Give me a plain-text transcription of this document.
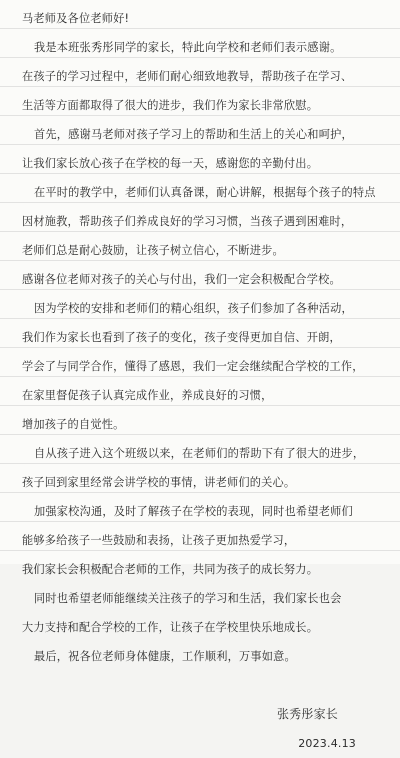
马老师及各位老师好!
我是本班张秀彤同学的家长，特此向学校和老师们表示感谢。
在孩子的学习过程中，老师们耐心细致地教导，帮助孩子在学习、
生活等方面都取得了很大的进步，我们作为家长非常欣慰。
首先，感谢马老师对孩子学习上的帮助和生活上的关心和呵护，
让我们家长放心孩子在学校的每一天，感谢您的辛勤付出。
在平时的教学中，老师们认真备课，耐心讲解，根据每个孩子的特点
因材施教，帮助孩子们养成良好的学习习惯，当孩子遇到困难时，
老师们总是耐心鼓励，让孩子树立信心，不断进步。
感谢各位老师对孩子的关心与付出，我们一定会积极配合学校。
因为学校的安排和老师们的精心组织，孩子们参加了各种活动，
我们作为家长也看到了孩子的变化，孩子变得更加自信、开朗，
学会了与同学合作，懂得了感恩，我们一定会继续配合学校的工作，
在家里督促孩子认真完成作业，养成良好的习惯，
增加孩子的自觉性。
自从孩子进入这个班级以来，在老师们的帮助下有了很大的进步，
孩子回到家里经常会讲学校的事情，讲老师们的关心。
加强家校沟通，及时了解孩子在学校的表现，同时也希望老师们
能够多给孩子一些鼓励和表扬，让孩子更加热爱学习，
我们家长会积极配合老师的工作，共同为孩子的成长努力。
同时也希望老师能继续关注孩子的学习和生活，我们家长也会
大力支持和配合学校的工作，让孩子在学校里快乐地成长。
最后，祝各位老师身体健康，工作顺利，万事如意。
张秀彤家长
2023.4.13
